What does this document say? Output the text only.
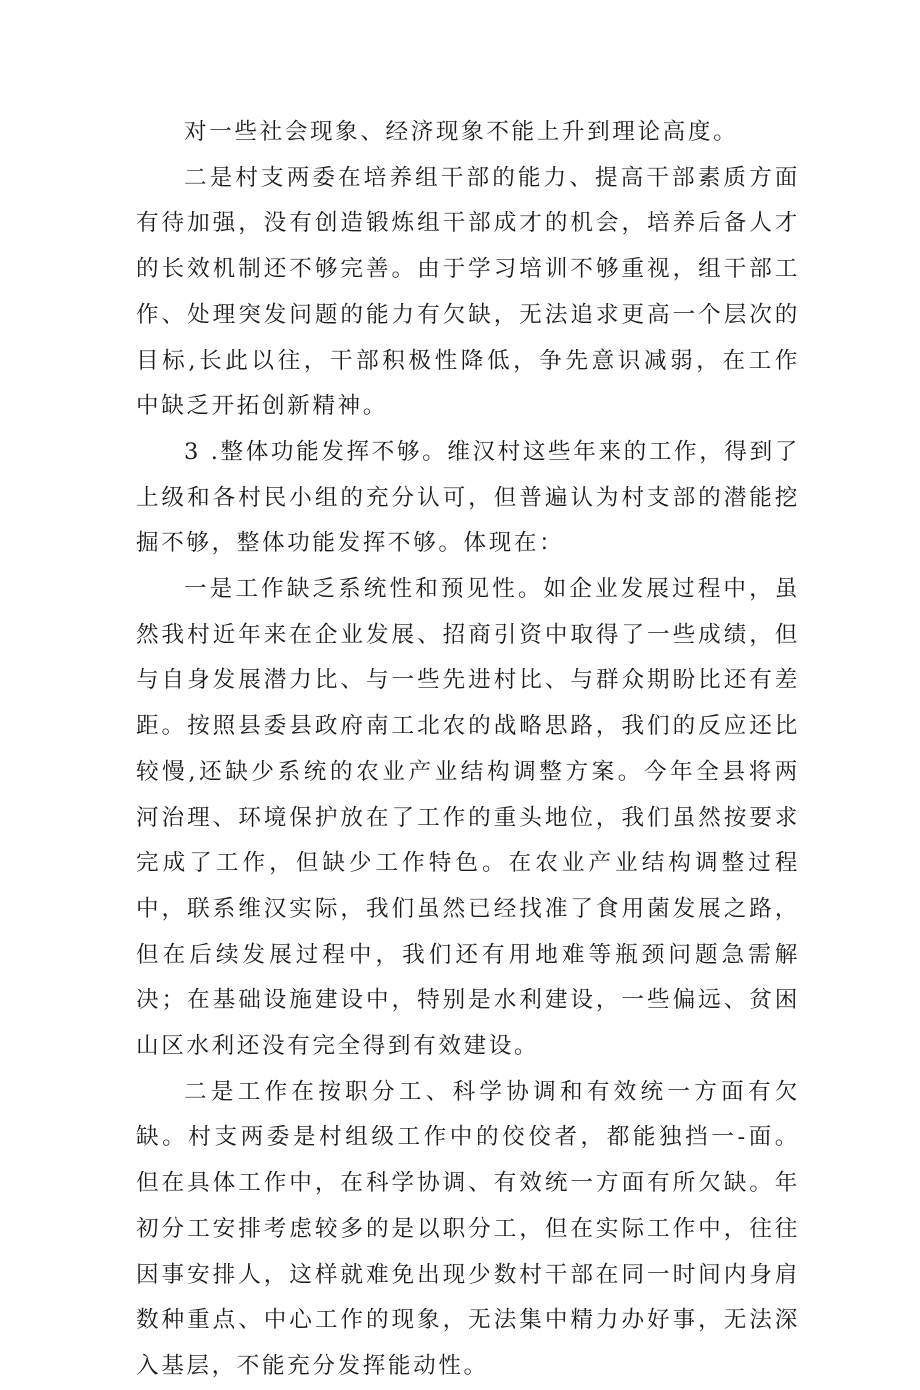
对一些社会现象、经济现象不能上升到理论高度。

二是村支两委在培养组干部的能力、提高干部素质方面有待加强，没有创造锻炼组干部成才的机会，培养后备人才的长效机制还不够完善。由于学习培训不够重视，组干部工作、处理突发问题的能力有欠缺，无法追求更高一个层次的目标,长此以往，干部积极性降低，争先意识减弱，在工作中缺乏开拓创新精神。

3 .整体功能发挥不够。维汉村这些年来的工作，得到了上级和各村民小组的充分认可，但普遍认为村支部的潜能挖掘不够，整体功能发挥不够。体现在：

一是工作缺乏系统性和预见性。如企业发展过程中，虽然我村近年来在企业发展、招商引资中取得了一些成绩，但与自身发展潜力比、与一些先进村比、与群众期盼比还有差距。按照县委县政府南工北农的战略思路，我们的反应还比较慢,还缺少系统的农业产业结构调整方案。今年全县将两河治理、环境保护放在了工作的重头地位，我们虽然按要求完成了工作，但缺少工作特色。在农业产业结构调整过程中，联系维汉实际，我们虽然已经找准了食用菌发展之路，但在后续发展过程中，我们还有用地难等瓶颈问题急需解决；在基础设施建设中，特别是水利建设，一些偏远、贫困山区水利还没有完全得到有效建设。

二是工作在按职分工、科学协调和有效统一方面有欠缺。村支两委是村组级工作中的佼佼者，都能独挡一-面。但在具体工作中，在科学协调、有效统一方面有所欠缺。年初分工安排考虑较多的是以职分工，但在实际工作中，往往因事安排人，这样就难免出现少数村干部在同一时间内身肩数种重点、中心工作的现象，无法集中精力办好事，无法深入基层，不能充分发挥能动性。
